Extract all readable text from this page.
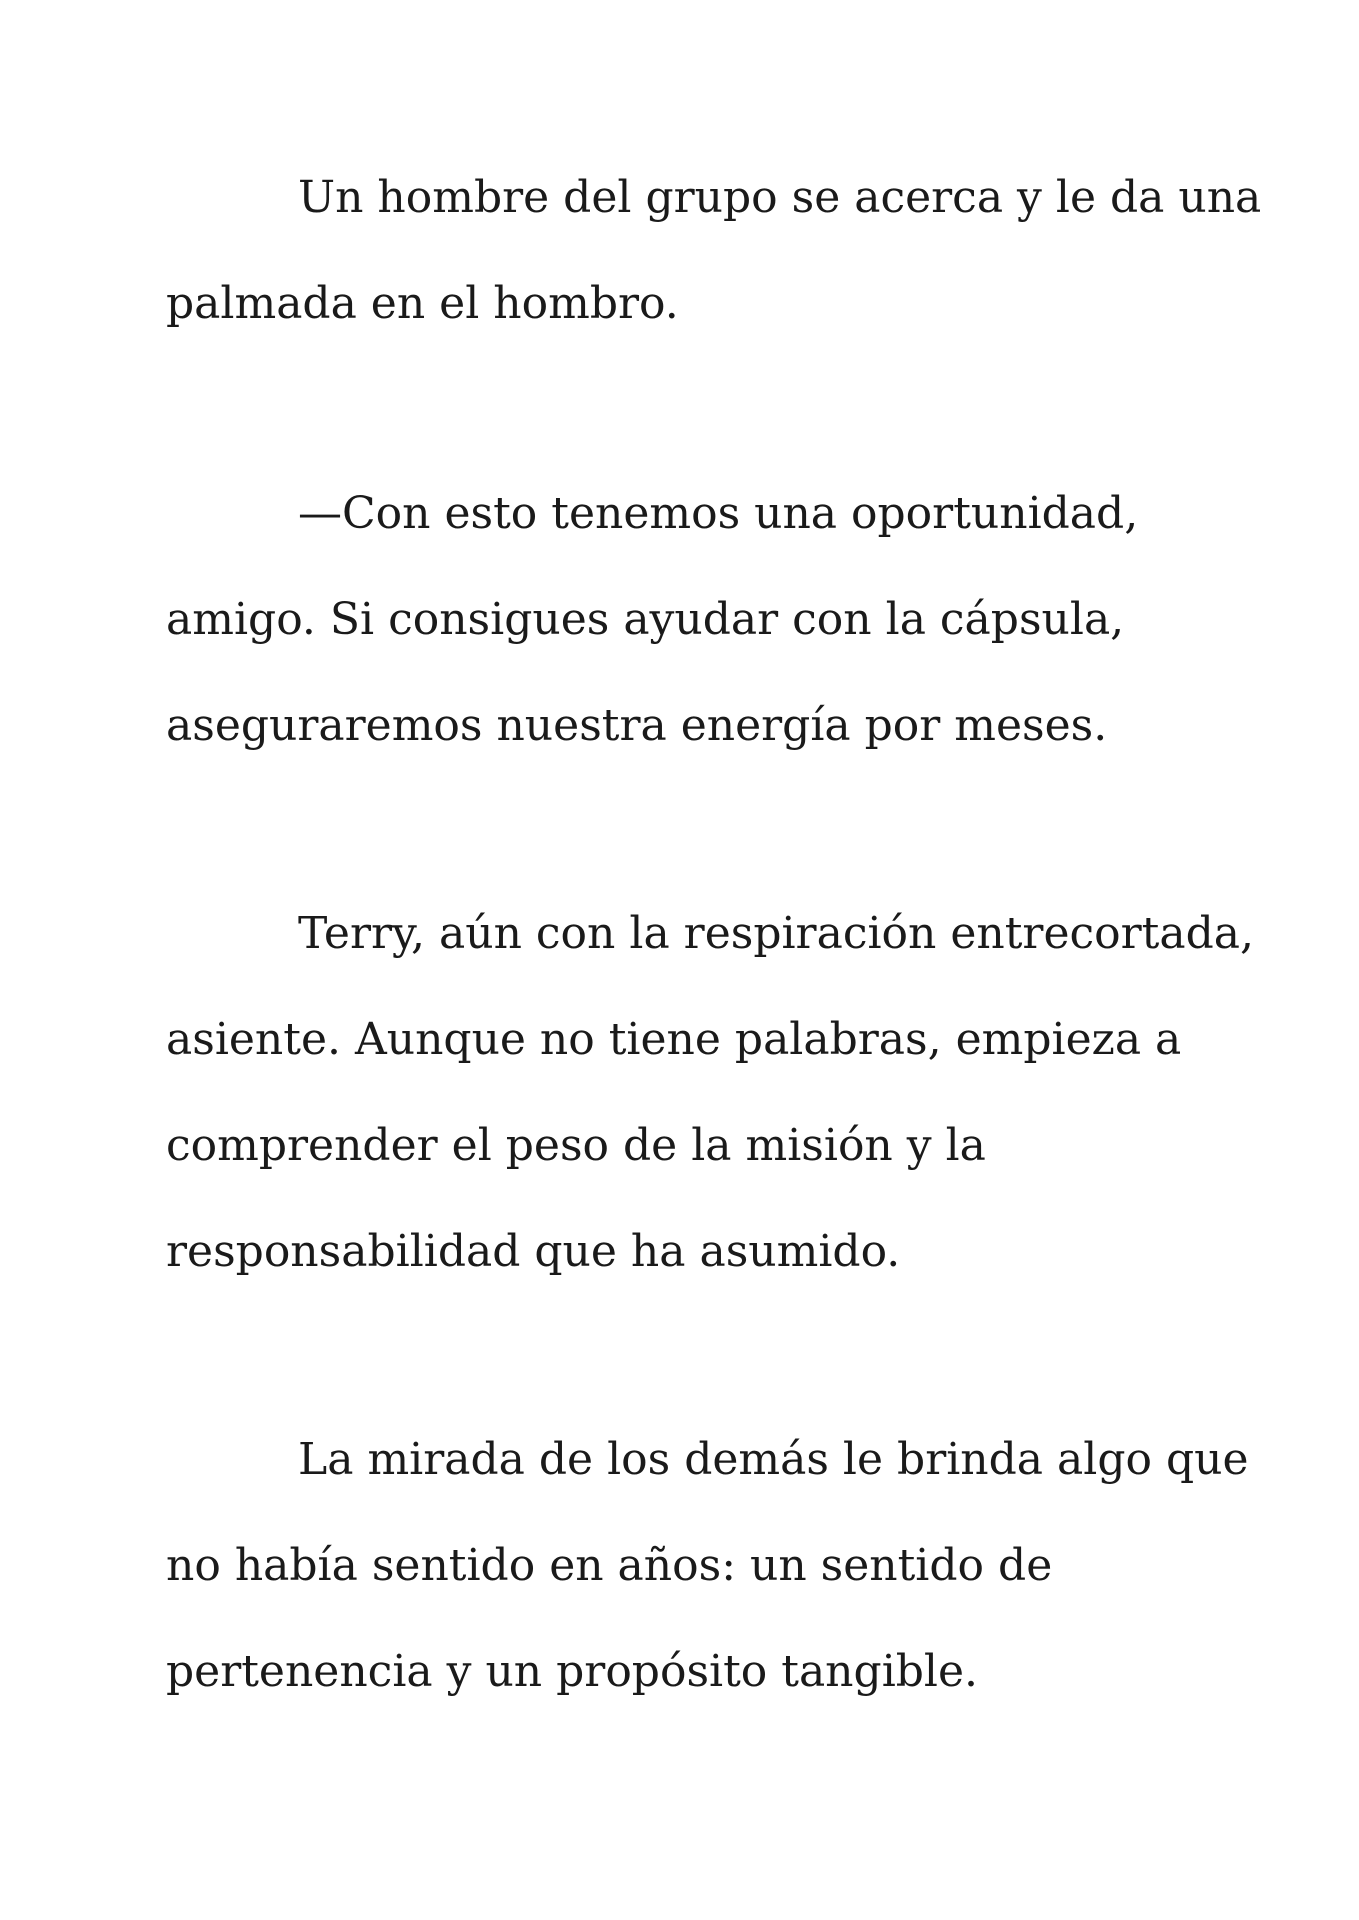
Un hombre del grupo se acerca y le da una
palmada en el hombro.
—Con esto tenemos una oportunidad,
amigo. Si consigues ayudar con la cápsula,
aseguraremos nuestra energía por meses.
Terry, aún con la respiración entrecortada,
asiente. Aunque no tiene palabras, empieza a
comprender el peso de la misión y la
responsabilidad que ha asumido.
La mirada de los demás le brinda algo que
no había sentido en años: un sentido de
pertenencia y un propósito tangible.
